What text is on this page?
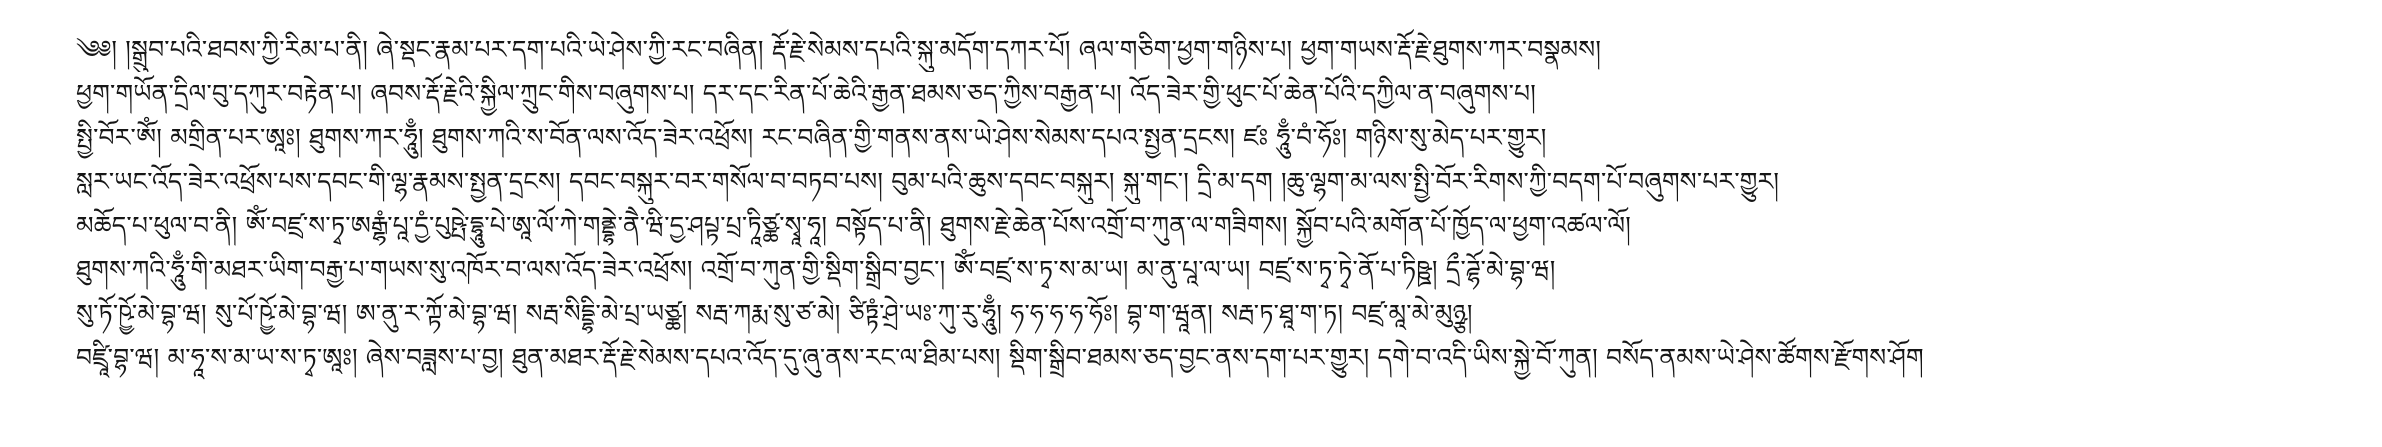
༄༅། །སྒྲུབ་པའི་ཐབས་ཀྱི་རིམ་པ་ནི། ཞེ་སྡང་རྣམ་པར་དག་པའི་ཡེ་ཤེས་ཀྱི་རང་བཞིན། རྡོ་རྗེ་སེམས་དཔའི་སྐུ་མདོག་དཀར་པོ། ཞལ་གཅིག་ཕྱག་གཉིས་པ། ཕྱག་གཡས་རྡོ་རྗེ་ཐུགས་ཀར་བསྣམས།
ཕྱག་གཡོན་དྲིལ་བུ་དཀུར་བརྟེན་པ། ཞབས་རྡོ་རྗེའི་སྐྱིལ་ཀྲུང་གིས་བཞུགས་པ། དར་དང་རིན་པོ་ཆེའི་རྒྱན་ཐམས་ཅད་ཀྱིས་བརྒྱན་པ། འོད་ཟེར་གྱི་ཕུང་པོ་ཆེན་པོའི་དཀྱིལ་ན་བཞུགས་པ།
སྤྱི་བོར་ཨོཾ། མགྲིན་པར་ཨཱཿ། ཐུགས་ཀར་ཧཱུྃ། ཐུགས་ཀའི་ས་བོན་ལས་འོད་ཟེར་འཕྲོས། རང་བཞིན་གྱི་གནས་ནས་ཡེ་ཤེས་སེམས་དཔའ་སྤྱན་དྲངས། ཛཿ ཧཱུྃ་བཾ་ཧོཿ། གཉིས་སུ་མེད་པར་གྱུར།
སླར་ཡང་འོད་ཟེར་འཕྲོས་པས་དབང་གི་ལྷ་རྣམས་སྤྱན་དྲངས། དབང་བསྐུར་བར་གསོལ་བ་བཏབ་པས། བུམ་པའི་ཆུས་དབང་བསྐུར། སྐུ་གང་། དྲི་མ་དག །ཆུ་ལྷག་མ་ལས་སྤྱི་བོར་རིགས་ཀྱི་བདག་པོ་བཞུགས་པར་གྱུར།
མཆོད་པ་ཕུལ་བ་ནི། ཨོཾ་བཛྲ་ས་ཏྭ་ཨརྒྷཾ་པཱ་དྱཾ་པུཥྤེ་དྷཱུ་པེ་ཨཱ་ལོ་ཀེ་གནྡྷེ་ནཻ་ཝི་དྱ་ཤཔྟ་པྲ་ཏཱིཙྪ་སྭཱ་ཧཱ། བསྟོད་པ་ནི། ཐུགས་རྗེ་ཆེན་པོས་འགྲོ་བ་ཀུན་ལ་གཟིགས། སྐྱོབ་པའི་མགོན་པོ་ཁྱོད་ལ་ཕྱག་འཚལ་ལོ།
ཐུགས་ཀའི་ཧཱུྃ་གི་མཐར་ཡིག་བརྒྱ་པ་གཡས་སུ་འཁོར་བ་ལས་འོད་ཟེར་འཕྲོས། འགྲོ་བ་ཀུན་གྱི་སྡིག་སྒྲིབ་བྱང་། ཨོཾ་བཛྲ་ས་ཏྭ་ས་མ་ཡ། མ་ནུ་པཱ་ལ་ཡ། བཛྲ་ས་ཏྭ་ཏྭེ་ནོ་པ་ཏིཥྛ། དྲྀ་ཌྷོ་མེ་བྷ་ཝ།
སུ་ཏོ་ཥྱོ་མེ་བྷ་ཝ། སུ་པོ་ཥྱོ་མེ་བྷ་ཝ། ཨ་ནུ་ར་ཀྟོ་མེ་བྷ་ཝ། སརྦ་སིདྡྷི་མེ་པྲ་ཡཙྪ། སརྦ་ཀརྨ་སུ་ཙ་མེ། ཙིཏྟཾ་ཤྲེ་ཡཿ་ཀུ་རུ་ཧཱུྃ། ཧ་ཧ་ཧ་ཧ་ཧོཿ། བྷ་ག་ཝཱན། སརྦ་ཏ་ཐཱ་ག་ཏ། བཛྲ་མཱ་མེ་མུཉྩ།
བཛྲཱི་བྷ་ཝ། མ་ཧཱ་ས་མ་ཡ་ས་ཏྭ་ཨཱཿ། ཞེས་བཟླས་པ་བྱ། ཐུན་མཐར་རྡོ་རྗེ་སེམས་དཔའ་འོད་དུ་ཞུ་ནས་རང་ལ་ཐིམ་པས། སྡིག་སྒྲིབ་ཐམས་ཅད་བྱང་ནས་དག་པར་གྱུར། དགེ་བ་འདི་ཡིས་སྐྱེ་བོ་ཀུན། བསོད་ནམས་ཡེ་ཤེས་ཚོགས་རྫོགས་ཤོག
